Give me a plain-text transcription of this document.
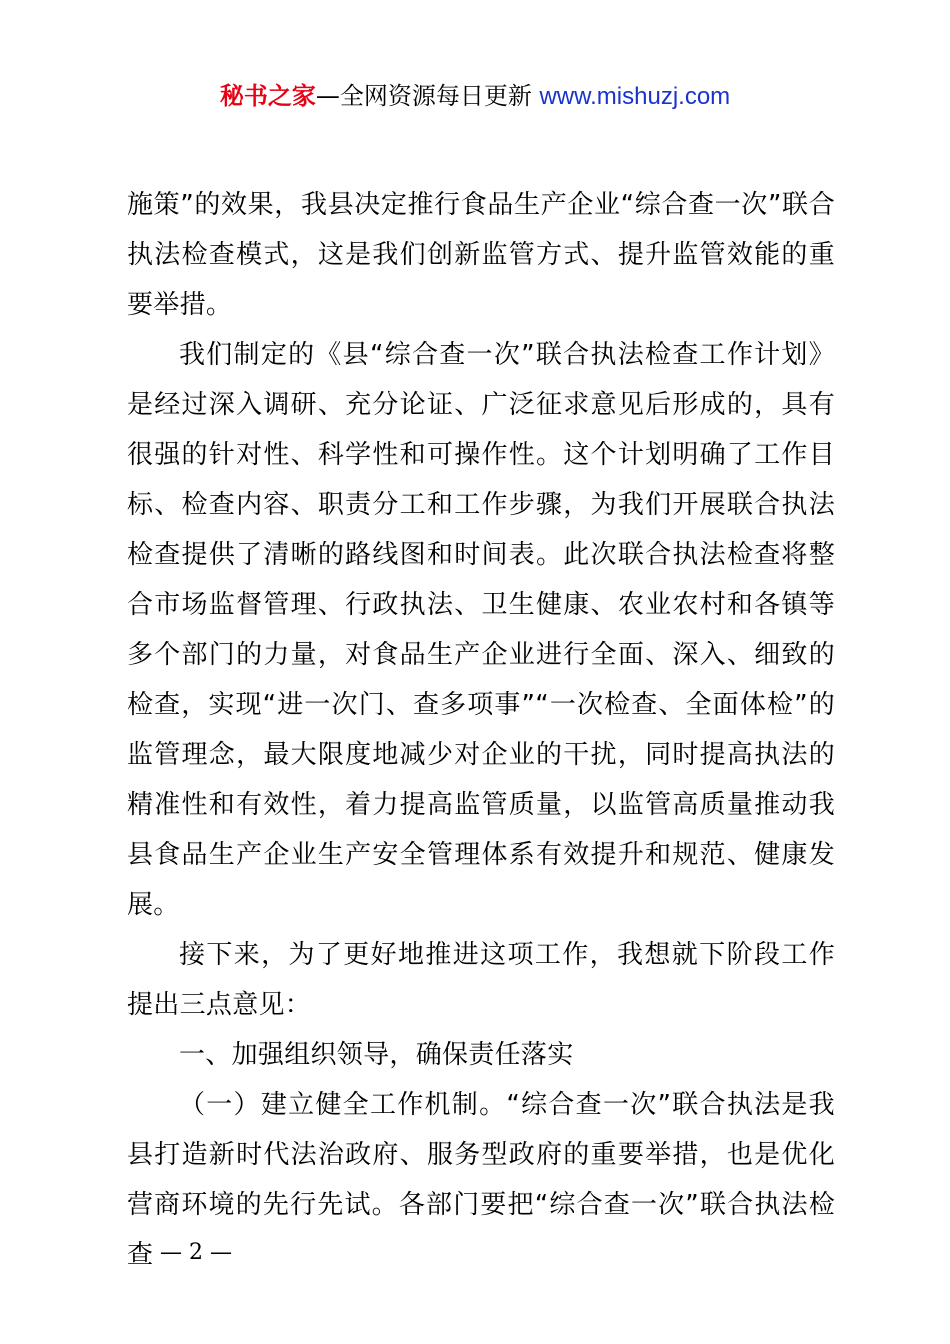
秘书之家—全网资源每日更新 www.mishuzj.com

施策”的效果，我县决定推行食品生产企业“综合查一次”联合执法检查模式，这是我们创新监管方式、提升监管效能的重要举措。

我们制定的《县“综合查一次”联合执法检查工作计划》是经过深入调研、充分论证、广泛征求意见后形成的，具有很强的针对性、科学性和可操作性。这个计划明确了工作目标、检查内容、职责分工和工作步骤，为我们开展联合执法检查提供了清晰的路线图和时间表。此次联合执法检查将整合市场监督管理、行政执法、卫生健康、农业农村和各镇等多个部门的力量，对食品生产企业进行全面、深入、细致的检查，实现“进一次门、查多项事”“一次检查、全面体检”的监管理念，最大限度地减少对企业的干扰，同时提高执法的精准性和有效性，着力提高监管质量，以监管高质量推动我县食品生产企业生产安全管理体系有效提升和规范、健康发展。

接下来，为了更好地推进这项工作，我想就下阶段工作提出三点意见：

一、加强组织领导，确保责任落实

（一）建立健全工作机制。“综合查一次”联合执法是我县打造新时代法治政府、服务型政府的重要举措，也是优化营商环境的先行先试。各部门要把“综合查一次”联合执法检查 — 2 —
